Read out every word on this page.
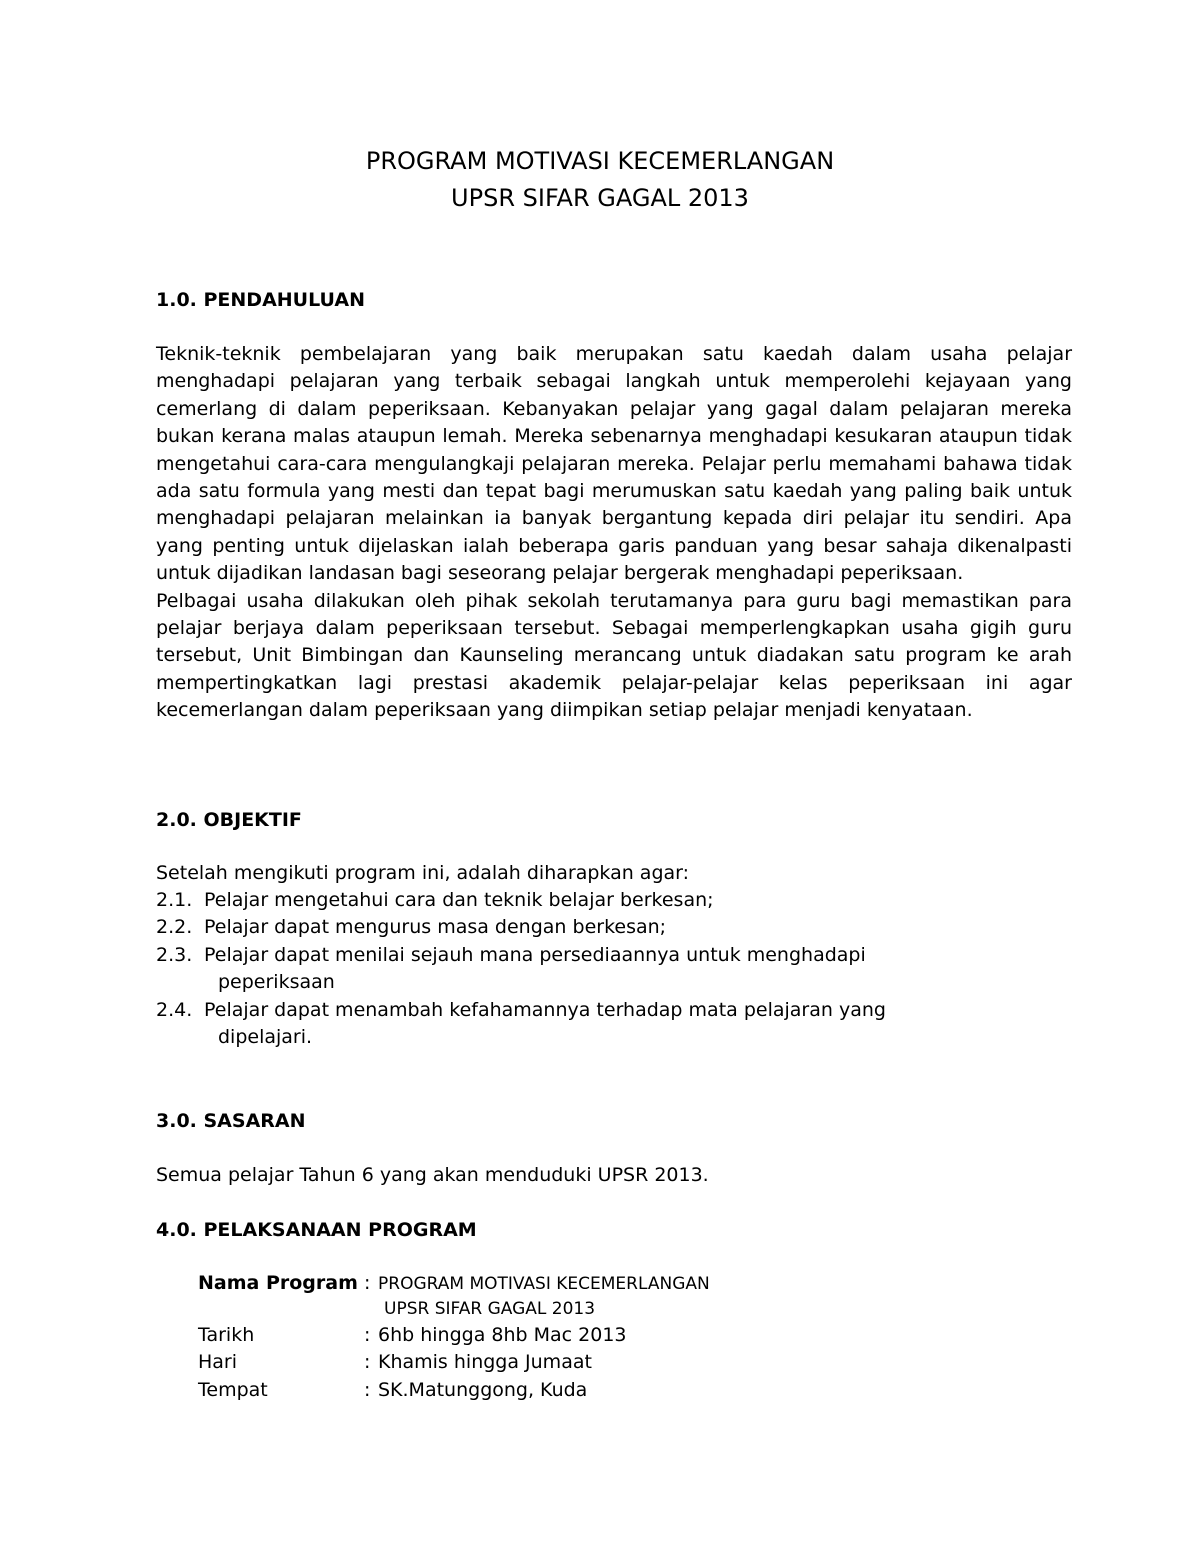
PROGRAM MOTIVASI KECEMERLANGAN
UPSR SIFAR GAGAL 2013
1.0. PENDAHULUAN

Teknik-teknik pembelajaran yang baik merupakan satu kaedah dalam usaha pelajar menghadapi pelajaran yang terbaik sebagai langkah untuk memperolehi kejayaan yang cemerlang di dalam peperiksaan. Kebanyakan pelajar yang gagal dalam pelajaran mereka bukan kerana malas ataupun lemah. Mereka sebenarnya menghadapi kesukaran ataupun tidak mengetahui cara-cara mengulangkaji pelajaran mereka. Pelajar perlu memahami bahawa tidak ada satu formula yang mesti dan tepat bagi merumuskan satu kaedah yang paling baik untuk menghadapi pelajaran melainkan ia banyak bergantung kepada diri pelajar itu sendiri. Apa yang penting untuk dijelaskan ialah beberapa garis panduan yang besar sahaja dikenalpasti untuk dijadikan landasan bagi seseorang pelajar bergerak menghadapi peperiksaan.

Pelbagai usaha dilakukan oleh pihak sekolah terutamanya para guru bagi memastikan para pelajar berjaya dalam peperiksaan tersebut. Sebagai memperlengkapkan usaha gigih guru tersebut, Unit Bimbingan dan Kaunseling merancang untuk diadakan satu program ke arah mempertingkatkan lagi prestasi akademik pelajar-pelajar kelas peperiksaan ini agar kecemerlangan dalam peperiksaan yang diimpikan setiap pelajar menjadi kenyataan.

2.0. OBJEKTIF

Setelah mengikuti program ini, adalah diharapkan agar:

2.1. Pelajar mengetahui cara dan teknik belajar berkesan;
2.2. Pelajar dapat mengurus masa dengan berkesan;
2.3. Pelajar dapat menilai sejauh mana persediaannya untuk menghadapi
peperiksaan
2.4. Pelajar dapat menambah kefahamannya terhadap mata pelajaran yang
dipelajari.
3.0. SASARAN

Semua pelajar Tahun 6 yang akan menduduki UPSR 2013.

4.0. PELAKSANAAN PROGRAM
Nama Program	:	PROGRAM MOTIVASI KECEMERLANGAN
UPSR SIFAR GAGAL 2013

Tarikh	:	6hb hingga 8hb Mac 2013
Hari	:	Khamis hingga Jumaat
Tempat	:	SK.Matunggong, Kuda
